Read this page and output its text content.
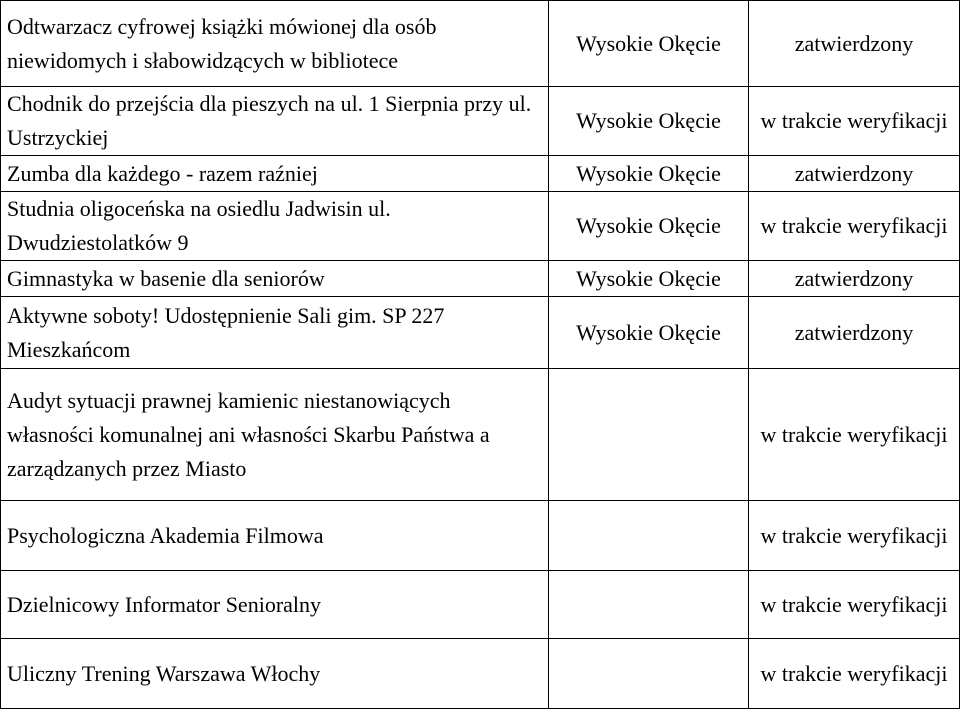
Odtwarzacz cyfrowej książki mówionej dla osób niewidomych i słabowidzących w bibliotece	Wysokie Okęcie	zatwierdzony
Chodnik do przejścia dla pieszych na ul. 1 Sierpnia przy ul. Ustrzyckiej	Wysokie Okęcie	w trakcie weryfikacji
Zumba dla każdego - razem raźniej	Wysokie Okęcie	zatwierdzony
Studnia oligoceńska na osiedlu Jadwisin ul. Dwudziestolatków 9	Wysokie Okęcie	w trakcie weryfikacji
Gimnastyka w basenie dla seniorów	Wysokie Okęcie	zatwierdzony
Aktywne soboty! Udostępnienie Sali gim. SP 227 Mieszkańcom	Wysokie Okęcie	zatwierdzony
Audyt sytuacji prawnej kamienic niestanowiących własności komunalnej ani własności Skarbu Państwa a zarządzanych przez Miasto		w trakcie weryfikacji
Psychologiczna Akademia Filmowa		w trakcie weryfikacji
Dzielnicowy Informator Senioralny		w trakcie weryfikacji
Uliczny Trening Warszawa Włochy		w trakcie weryfikacji
